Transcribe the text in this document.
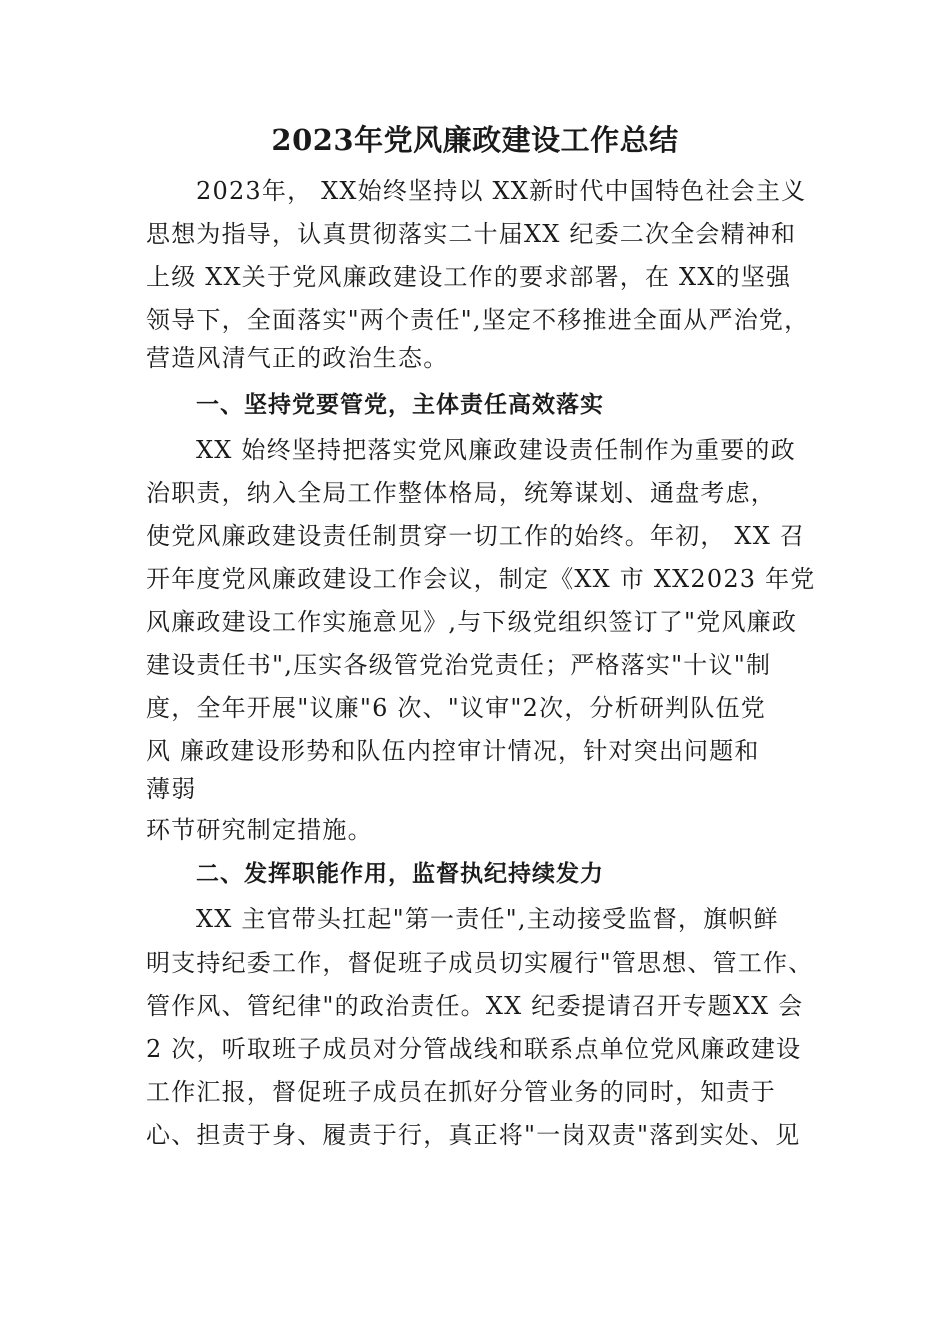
2023年党风廉政建设工作总结
2023年， XX始终坚持以 XX新时代中国特色社会主义
思想为指导，认真贯彻落实二十届XX 纪委二次全会精神和
上级 XX关于党风廉政建设工作的要求部署，在 XX的坚强
领导下，全面落实"两个责任",坚定不移推进全面从严治党，
营造风清气正的政治生态。
一、坚持党要管党，主体责任高效落实
XX 始终坚持把落实党风廉政建设责任制作为重要的政
治职责，纳入全局工作整体格局，统筹谋划、通盘考虑，
使党风廉政建设责任制贯穿一切工作的始终。年初， XX 召
开年度党风廉政建设工作会议，制定《XX 市 XX2023 年党
风廉政建设工作实施意见》,与下级党组织签订了"党风廉政
建设责任书",压实各级管党治党责任；严格落实"十议"制
度，全年开展"议廉"6 次、"议审"2次，分析研判队伍党
风 廉政建设形势和队伍内控审计情况，针对突出问题和
薄弱
环节研究制定措施。
二、发挥职能作用，监督执纪持续发力
XX 主官带头扛起"第一责任",主动接受监督，旗帜鲜
明支持纪委工作，督促班子成员切实履行"管思想、管工作、
管作风、管纪律"的政治责任。XX 纪委提请召开专题XX 会
2 次，听取班子成员对分管战线和联系点单位党风廉政建设
工作汇报，督促班子成员在抓好分管业务的同时，知责于
心、担责于身、履责于行，真正将"一岗双责"落到实处、见
